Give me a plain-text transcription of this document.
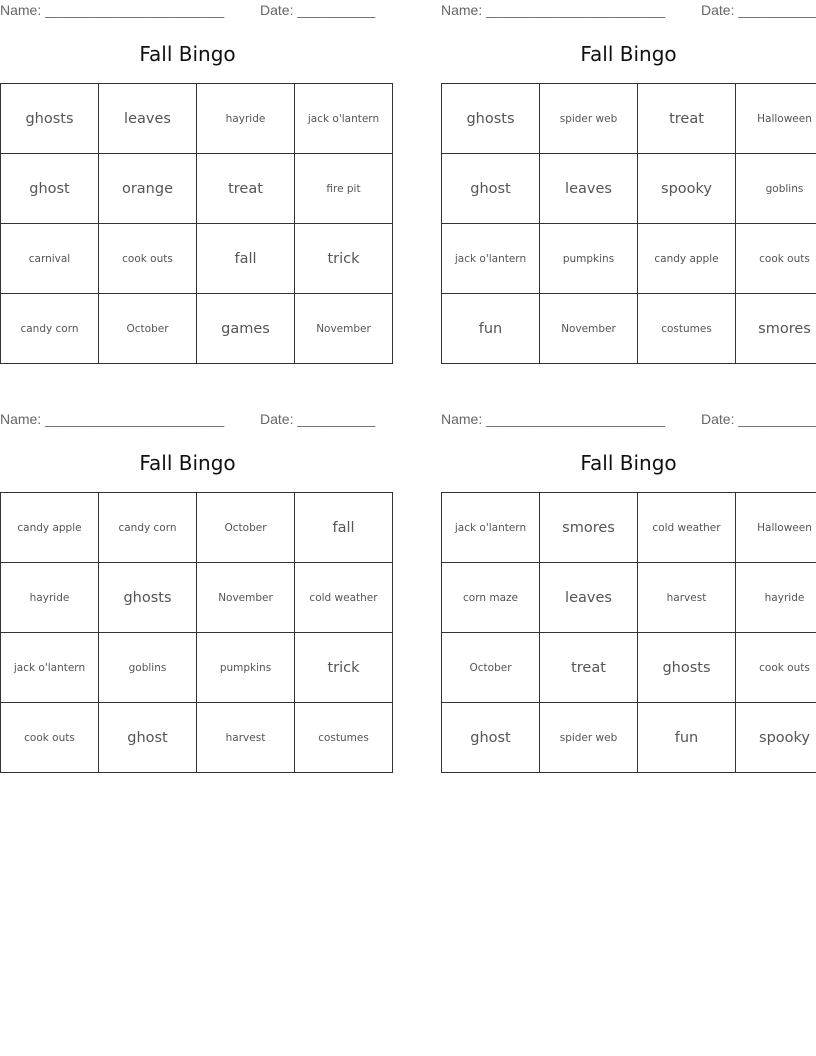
Name: _______________________	Date: __________
Fall Bingo
ghosts	leaves	hayride	jack o'lantern
ghost	orange	treat	fire pit
carnival	cook outs	fall	trick
candy corn	October	games	November
Name: _______________________	Date: __________
Fall Bingo
ghosts	spider web	treat	Halloween
ghost	leaves	spooky	goblins
jack o'lantern	pumpkins	candy apple	cook outs
fun	November	costumes	smores
Name: _______________________	Date: __________
Fall Bingo
candy apple	candy corn	October	fall
hayride	ghosts	November	cold weather
jack o'lantern	goblins	pumpkins	trick
cook outs	ghost	harvest	costumes
Name: _______________________	Date: __________
Fall Bingo
jack o'lantern	smores	cold weather	Halloween
corn maze	leaves	harvest	hayride
October	treat	ghosts	cook outs
ghost	spider web	fun	spooky
